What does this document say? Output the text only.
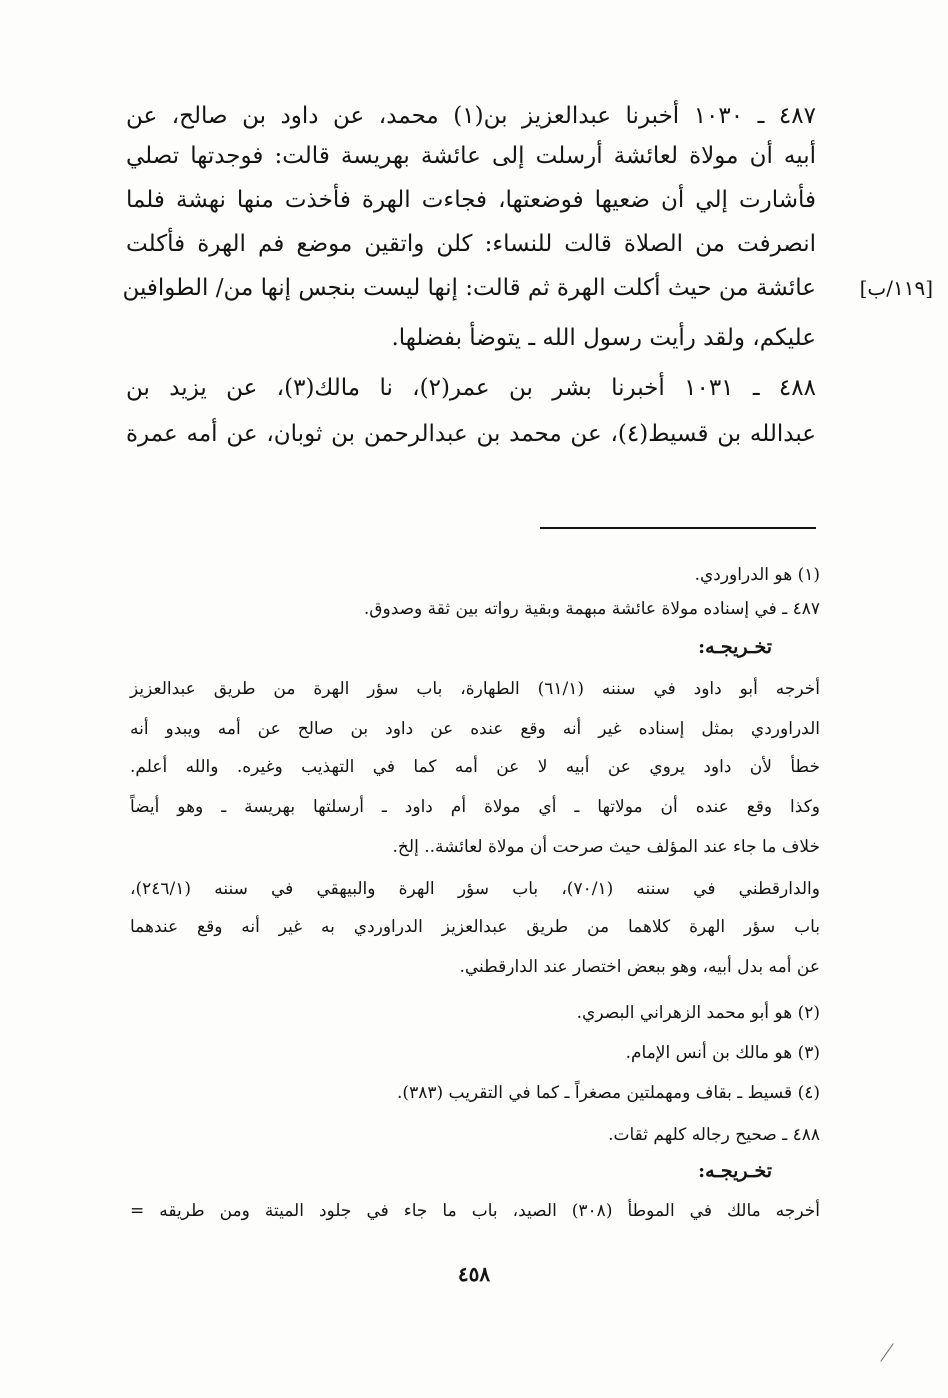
٤٨٧ ـ ١٠٣٠ أخبرنا عبدالعزيز بن(١) محمد، عن داود بن صالح، عن
أبيه أن مولاة لعائشة أرسلت إلى عائشة بهريسة قالت: فوجدتها تصلي
فأشارت إلي أن ضعيها فوضعتها، فجاءت الهرة فأخذت منها نهشة فلما
انصرفت من الصلاة قالت للنساء: كلن واتقين موضع فم الهرة فأكلت
عائشة من حيث أكلت الهرة ثم قالت: إنها ليست بنجس إنها من/ الطوافين
عليكم، ولقد رأيت رسول الله ـ يتوضأ بفضلها.
٤٨٨ ـ ١٠٣١ أخبرنا بشر بن عمر(٢)، نا مالك(٣)، عن يزيد بن
عبدالله بن قسيط(٤)، عن محمد بن عبدالرحمن بن ثوبان، عن أمه عمرة
[١١٩/ب]
(١) هو الدراوردي.
٤٨٧ ـ في إسناده مولاة عائشة مبهمة وبقية رواته بين ثقة وصدوق.
تخـريجـه:
أخرجه أبو داود في سننه (٦١/١) الطهارة، باب سؤر الهرة من طريق عبدالعزيز
الدراوردي بمثل إسناده غير أنه وقع عنده عن داود بن صالح عن أمه ويبدو أنه
خطأ لأن داود يروي عن أبيه لا عن أمه كما في التهذيب وغيره. والله أعلم.
وكذا وقع عنده أن مولاتها ـ أي مولاة أم داود ـ أرسلتها بهريسة ـ وهو أيضاً
خلاف ما جاء عند المؤلف حيث صرحت أن مولاة لعائشة.. إلخ.
والدارقطني في سننه (٧٠/١)، باب سؤر الهرة والبيهقي في سننه (٢٤٦/١)،
باب سؤر الهرة كلاهما من طريق عبدالعزيز الدراوردي به غير أنه وقع عندهما
عن أمه بدل أبيه، وهو ببعض اختصار عند الدارقطني.
(٢) هو أبو محمد الزهراني البصري.
(٣) هو مالك بن أنس الإمام.
(٤) قسيط ـ بقاف ومهملتين مصغراً ـ كما في التقريب (٣٨٣).
٤٨٨ ـ صحيح رجاله كلهم ثقات.
تخـريجـه:
أخرجه مالك في الموطأ (٣٠٨) الصيد، باب ما جاء في جلود الميتة ومن طريقه =
٤٥٨
